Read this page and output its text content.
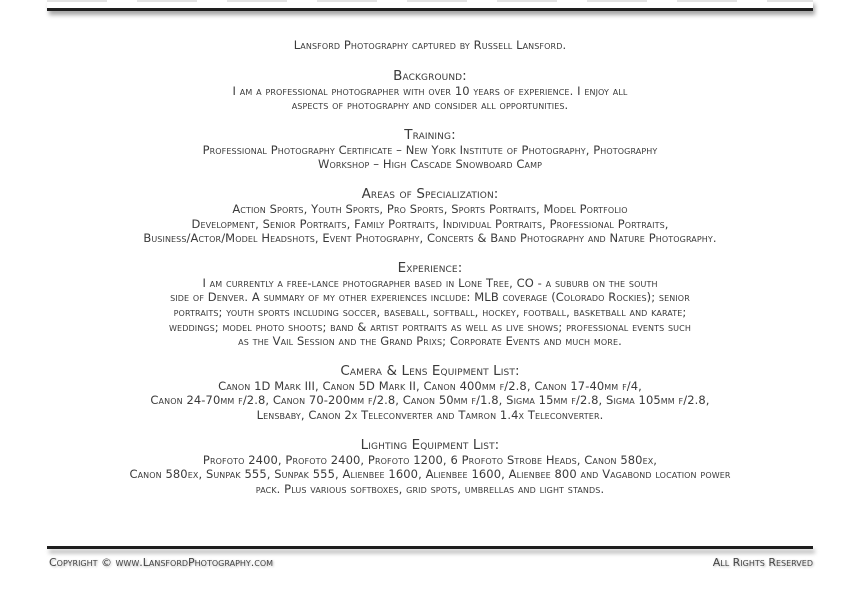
Lansford Photography captured by Russell Lansford.

Background:

I am a professional photographer with over 10 years of experience. I enjoy all

aspects of photography and consider all opportunities.

Training:

Professional Photography Certificate – New York Institute of Photography, Photography

Workshop – High Cascade Snowboard Camp

Areas of Specialization:

Action Sports, Youth Sports, Pro Sports, Sports Portraits, Model Portfolio

Development, Senior Portraits, Family Portraits, Individual Portraits, Professional Portraits,

Business/Actor/Model Headshots, Event Photography, Concerts & Band Photography and Nature Photography.

Experience:

I am currently a free-lance photographer based in Lone Tree, CO - a suburb on the south

side of Denver. A summary of my other experiences include: MLB coverage (Colorado Rockies); senior

portraits; youth sports including soccer, baseball, softball, hockey, football, basketball and karate;

weddings; model photo shoots; band & artist portraits as well as live shows; professional events such

as the Vail Session and the Grand Prixs; Corporate Events and much more.

Camera & Lens Equipment List:

Canon 1D Mark III, Canon 5D Mark II, Canon 400mm f/2.8, Canon 17-40mm f/4,

Canon 24-70mm f/2.8, Canon 70-200mm f/2.8, Canon 50mm f/1.8, Sigma 15mm f/2.8, Sigma 105mm f/2.8,

Lensbaby, Canon 2x Teleconverter and Tamron 1.4x Teleconverter.

Lighting Equipment List:

Profoto 2400, Profoto 2400, Profoto 1200, 6 Profoto Strobe Heads, Canon 580ex,

Canon 580ex, Sunpak 555, Sunpak 555, Alienbee 1600, Alienbee 1600, Alienbee 800 and Vagabond location power

pack. Plus various softboxes, grid spots, umbrellas and light stands.

Copyright © www.LansfordPhotography.com	All Rights Reserved
